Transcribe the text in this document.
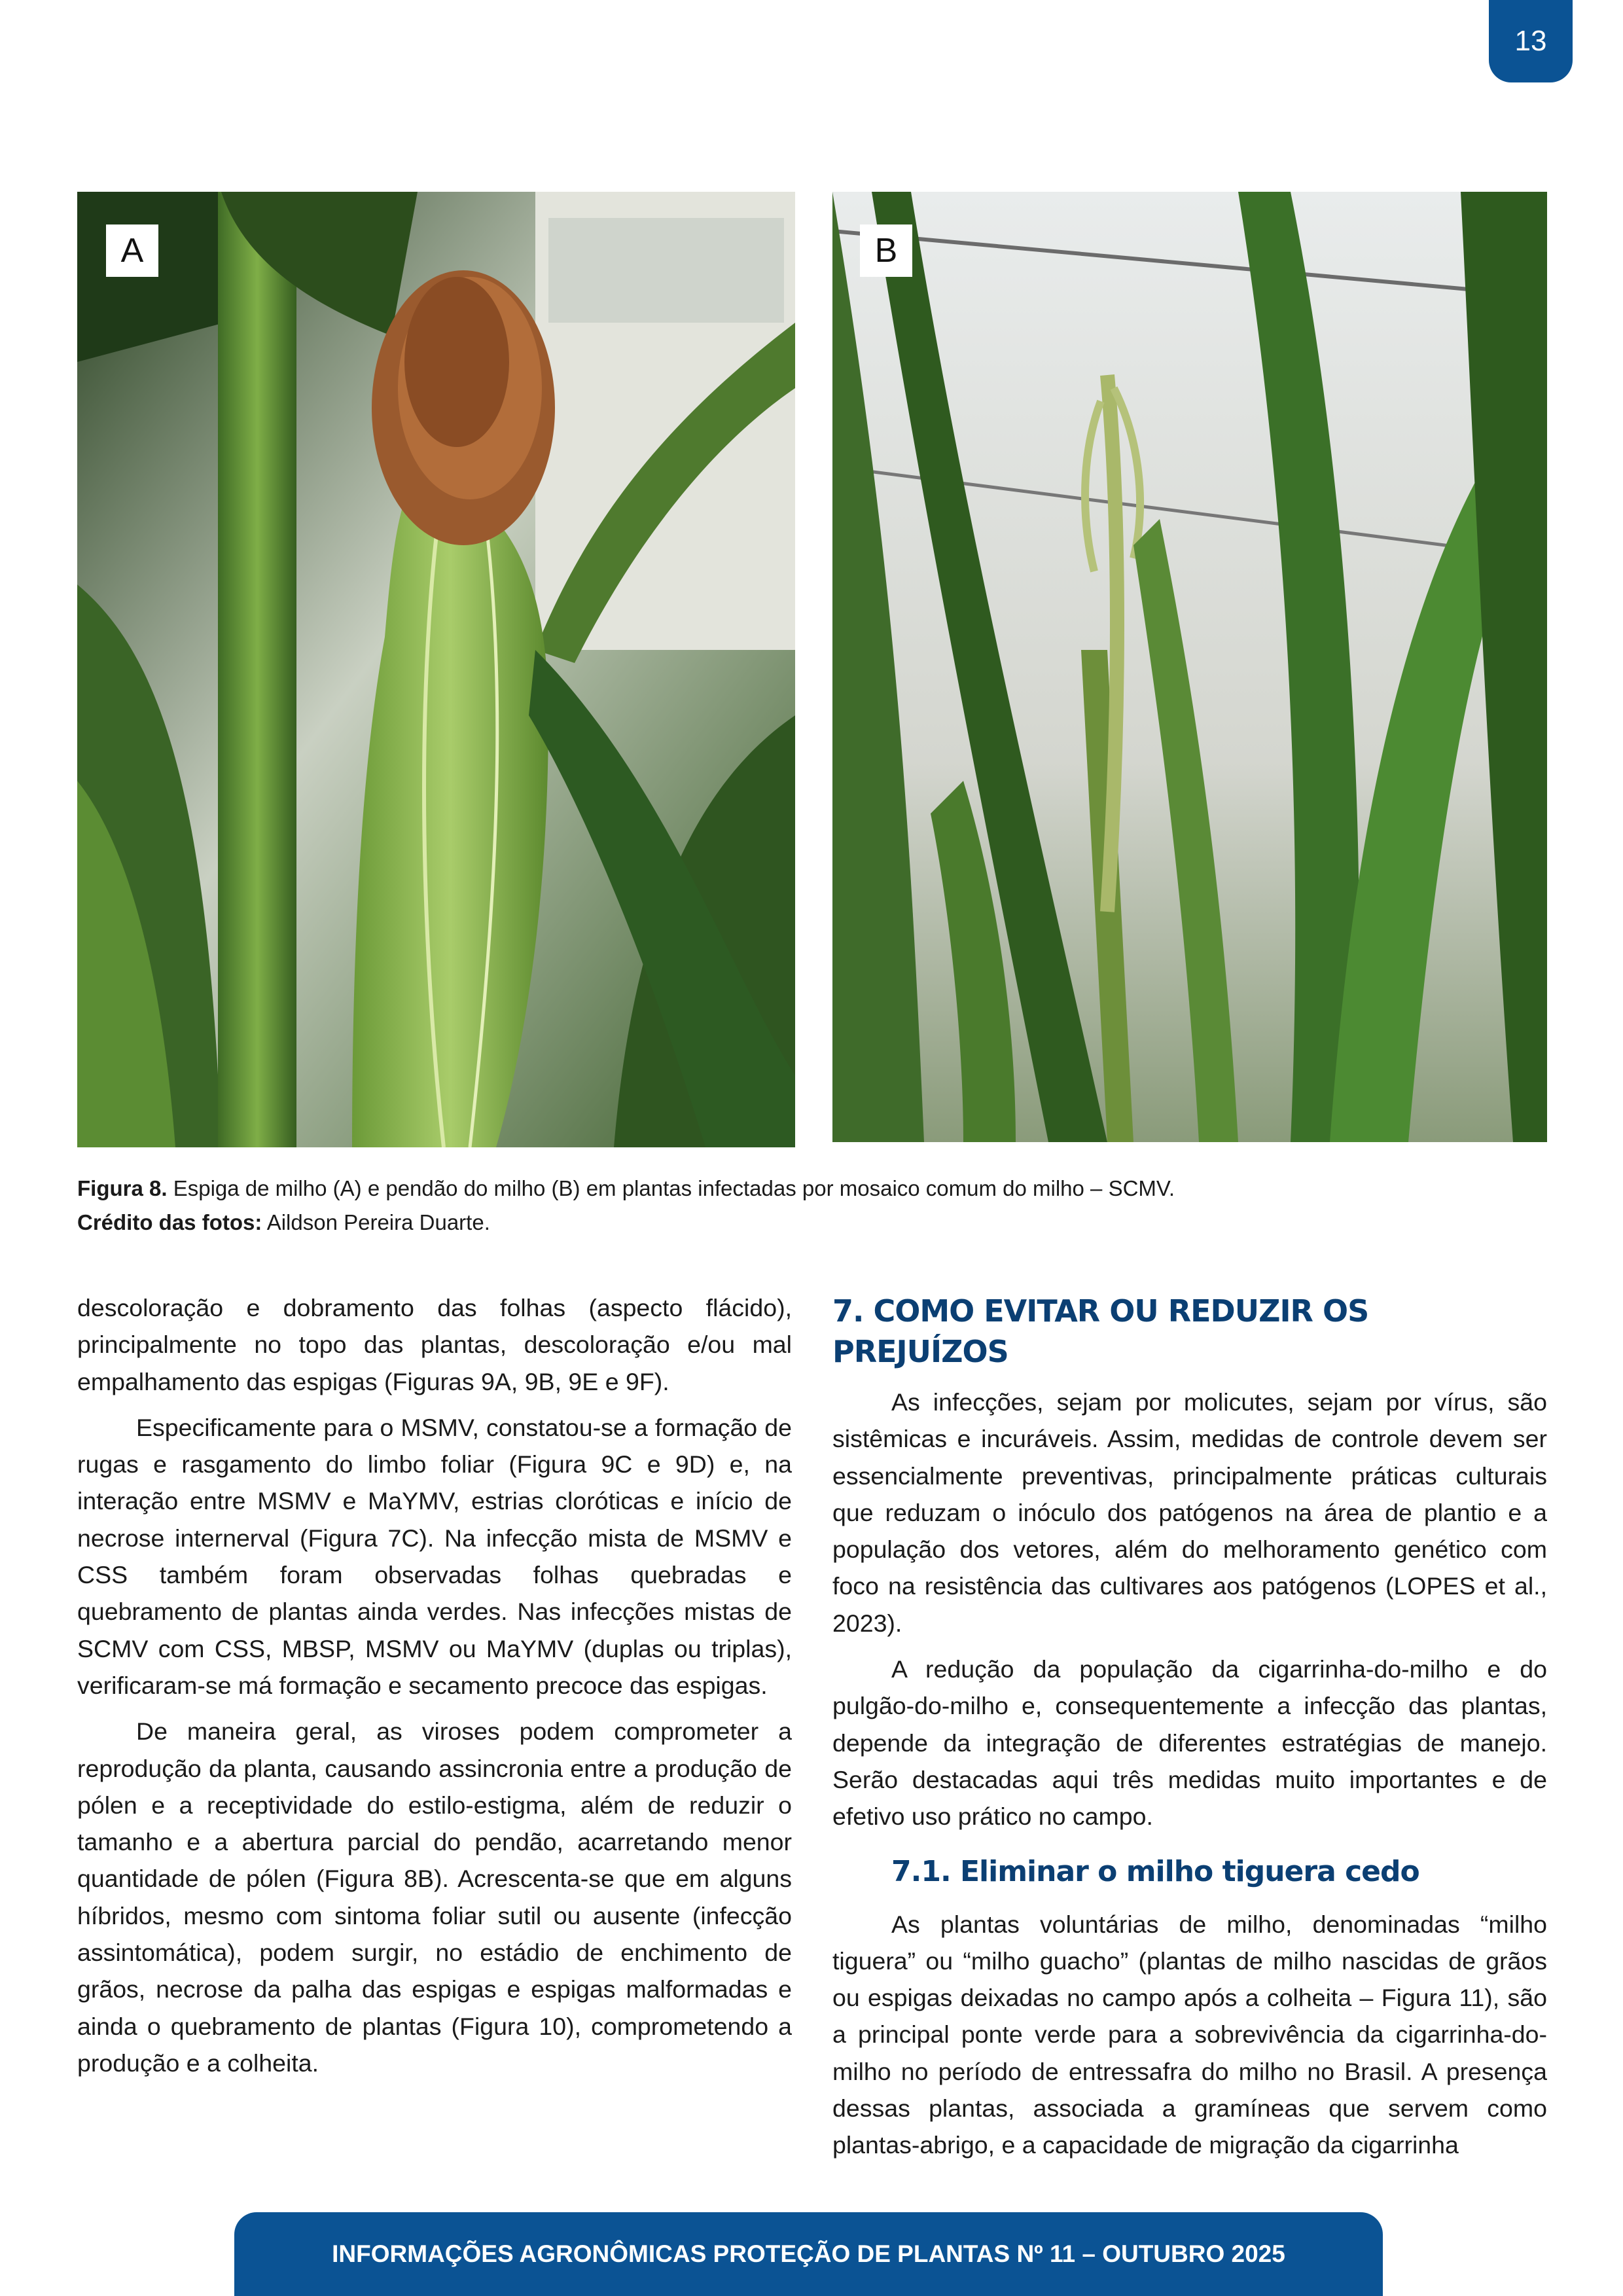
13
A	B
Figura 8. Espiga de milho (A) e pendão do milho (B) em plantas infectadas por mosaico comum do milho – SCMV.
Crédito das fotos: Aildson Pereira Duarte.

descoloração e dobramento das folhas (aspecto flácido), principalmente no topo das plantas, descoloração e/ou mal empalhamento das espigas (Figuras 9A, 9B, 9E e 9F).

Especificamente para o MSMV, constatou-se a formação de rugas e rasgamento do limbo foliar (Figura 9C e 9D) e, na interação entre MSMV e MaYMV, estrias cloróticas e início de necrose internerval (Figura 7C). Na infecção mista de MSMV e CSS também foram observadas folhas quebradas e quebramento de plantas ainda verdes. Nas infecções mistas de SCMV com CSS, MBSP, MSMV ou MaYMV (duplas ou triplas), verificaram-se má formação e secamento precoce das espigas.

De maneira geral, as viroses podem comprometer a reprodução da planta, causando assincronia entre a produção de pólen e a receptividade do estilo-estigma, além de reduzir o tamanho e a abertura parcial do pendão, acarretando menor quantidade de pólen (Figura 8B). Acrescenta-se que em alguns híbridos, mesmo com sintoma foliar sutil ou ausente (infecção assintomática), podem surgir, no estádio de enchimento de grãos, necrose da palha das espigas e espigas malformadas e ainda o quebramento de plantas (Figura 10), comprometendo a produção e a colheita.

7. COMO EVITAR OU REDUZIR OS PREJUÍZOS

As infecções, sejam por molicutes, sejam por vírus, são sistêmicas e incuráveis. Assim, medidas de controle devem ser essencialmente preventivas, principalmente práticas culturais que reduzam o inóculo dos patógenos na área de plantio e a população dos vetores, além do melhoramento genético com foco na resistência das cultivares aos patógenos (LOPES et al., 2023).

A redução da população da cigarrinha-do-milho e do pulgão-do-milho e, consequentemente a infecção das plantas, depende da integração de diferentes estratégias de manejo. Serão destacadas aqui três medidas muito importantes e de efetivo uso prático no campo.

7.1. Eliminar o milho tiguera cedo

As plantas voluntárias de milho, denominadas “milho tiguera” ou “milho guacho” (plantas de milho nascidas de grãos ou espigas deixadas no campo após a colheita – Figura 11), são a principal ponte verde para a sobrevivência da cigarrinha-do-milho no período de entressafra do milho no Brasil. A presença dessas plantas, associada a gramíneas que servem como plantas-abrigo, e a capacidade de migração da cigarrinha

INFORMAÇÕES AGRONÔMICAS PROTEÇÃO DE PLANTAS Nº 11 – OUTUBRO 2025
